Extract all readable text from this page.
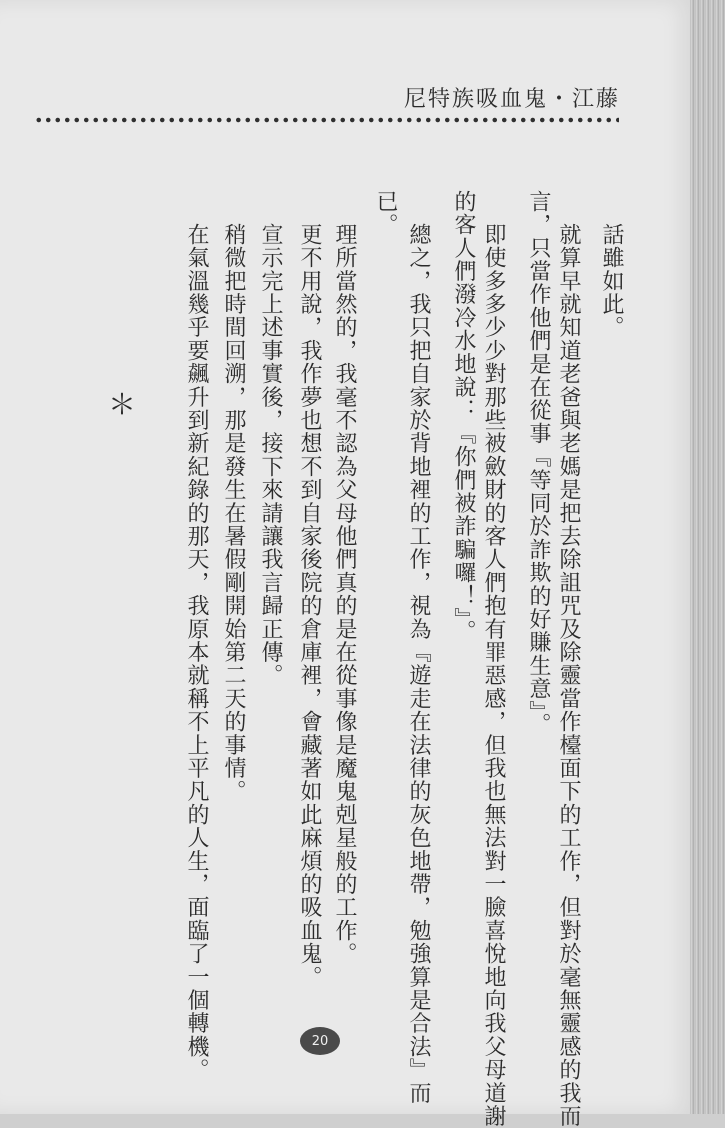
尼特族吸血鬼・江藤
話雖如此。
就算早就知道老爸與老媽是把去除詛咒及除靈當作檯面下的工作，但對於毫無靈感的我而
言，只當作他們是在從事『等同於詐欺的好賺生意』。
即使多多少少對那些被斂財的客人們抱有罪惡感，但我也無法對一臉喜悅地向我父母道謝
的客人們潑冷水地說：『你們被詐騙囉！』。
總之，我只把自家於背地裡的工作，視為『遊走在法律的灰色地帶，勉強算是合法』而
已。
理所當然的，我毫不認為父母他們真的是在從事像是魔鬼剋星般的工作。
更不用說，我作夢也想不到自家後院的倉庫裡，會藏著如此麻煩的吸血鬼。
宣示完上述事實後，接下來請讓我言歸正傳。
稍微把時間回溯，那是發生在暑假剛開始第二天的事情。
在氣溫幾乎要飆升到新紀錄的那天，我原本就稱不上平凡的人生，面臨了一個轉機。
＊
20
